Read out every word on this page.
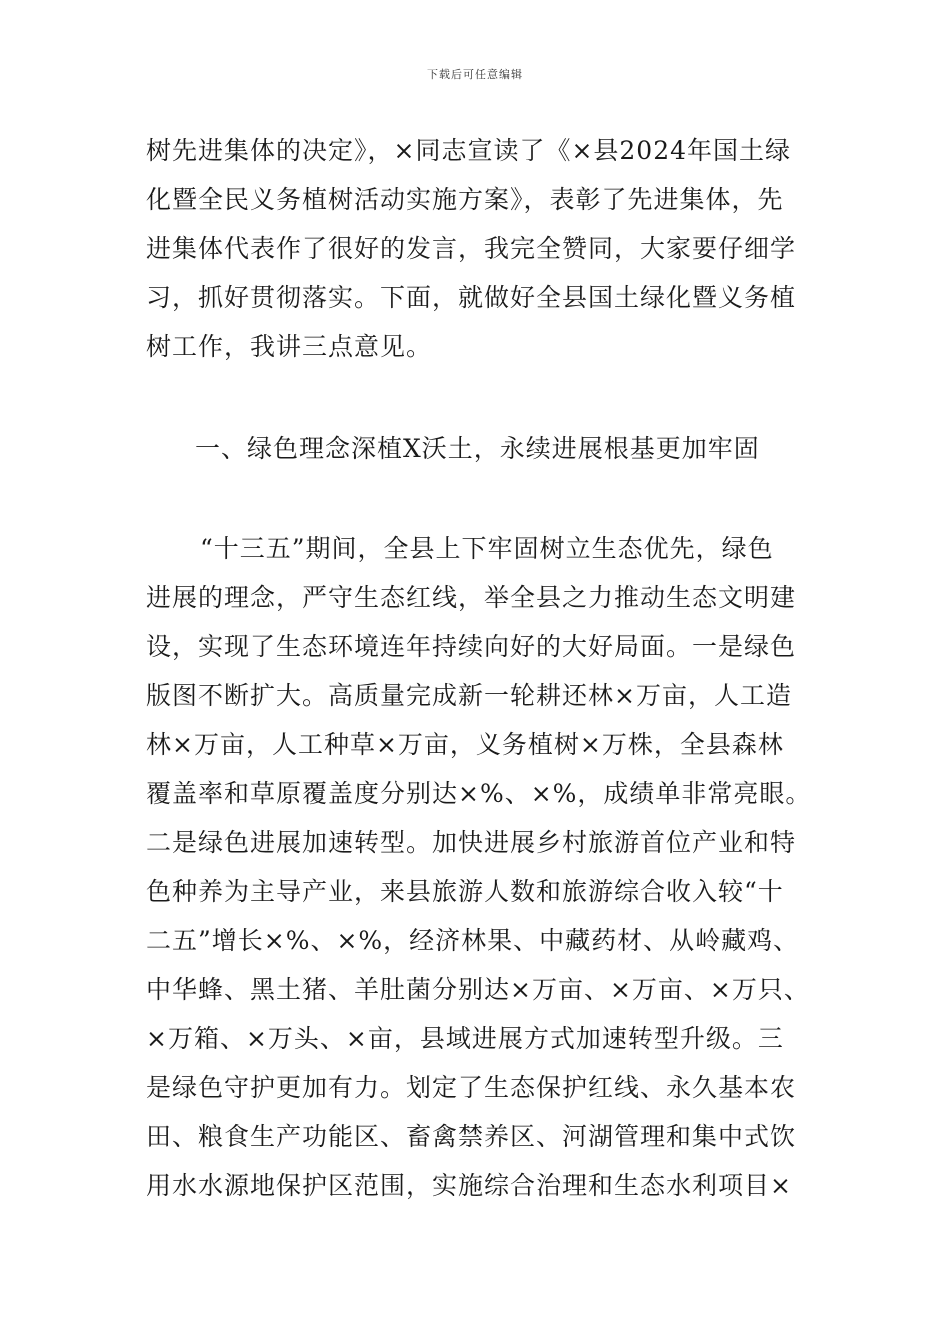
下载后可任意编辑

树先进集体的决定》，×同志宣读了《×县2024年国土绿
化暨全民义务植树活动实施方案》，表彰了先进集体，先
进集体代表作了很好的发言，我完全赞同，大家要仔细学
习，抓好贯彻落实。下面，就做好全县国土绿化暨义务植
树工作，我讲三点意见。

一、绿色理念深植X沃土，永续进展根基更加牢固

“十三五”期间，全县上下牢固树立生态优先，绿色
进展的理念，严守生态红线，举全县之力推动生态文明建
设，实现了生态环境连年持续向好的大好局面。一是绿色
版图不断扩大。高质量完成新一轮耕还林×万亩，人工造
林×万亩，人工种草×万亩，义务植树×万株，全县森林
覆盖率和草原覆盖度分别达×%、×%，成绩单非常亮眼。
二是绿色进展加速转型。加快进展乡村旅游首位产业和特
色种养为主导产业，来县旅游人数和旅游综合收入较“十
二五”增长×%、×%，经济林果、中藏药材、从岭藏鸡、
中华蜂、黑土猪、羊肚菌分别达×万亩、×万亩、×万只、
×万箱、×万头、×亩，县域进展方式加速转型升级。三
是绿色守护更加有力。划定了生态保护红线、永久基本农
田、粮食生产功能区、畜禽禁养区、河湖管理和集中式饮
用水水源地保护区范围，实施综合治理和生态水利项目×
